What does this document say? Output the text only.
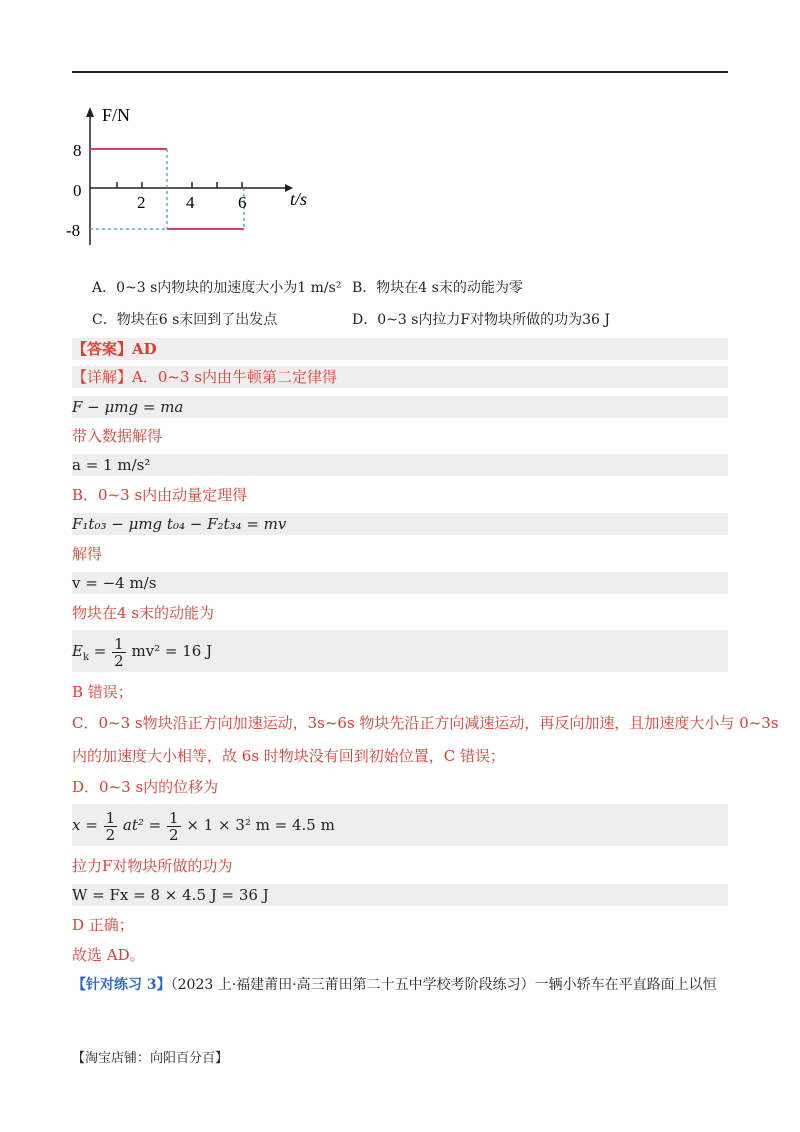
F/N
t/s
8
0
-8
2 4	6
A．0~3 s内物块的加速度大小为1 m/s² B．物块在4 s末的动能为零
C．物块在6 s末回到了出发点	D．0~3 s内拉力F对物块所做的功为36 J
【答案】AD
【详解】A．0~3 s内由牛顿第二定律得
F − μmg = ma
带入数据解得
a = 1 m/s²
B．0~3 s内由动量定理得
F₁t₀₃ − μmg t₀₄ − F₂t₃₄ = mv
解得
v = −4 m/s
物块在4 s末的动能为
$E_k = \frac{1}{2} mv^2 = 16$ J
B 错误；
C．0~3 s物块沿正方向加速运动，3s~6s 物块先沿正方向减速运动，再反向加速，且加速度大小与 0~3s
内的加速度大小相等，故 6s 时物块没有回到初始位置，C 错误；
D．0~3 s内的位移为
$x = \frac{1}{2} at^2 = \frac{1}{2} \times 1 \times 3^2$ m = 4.5 m
拉力F对物块所做的功为
W = Fx = 8 × 4.5 J = 36 J
D 正确；
故选 AD。
【针对练习 3】（2023 上·福建莆田·高三莆田第二十五中学校考阶段练习）一辆小轿车在平直路面上以恒
【淘宝店铺：向阳百分百】
